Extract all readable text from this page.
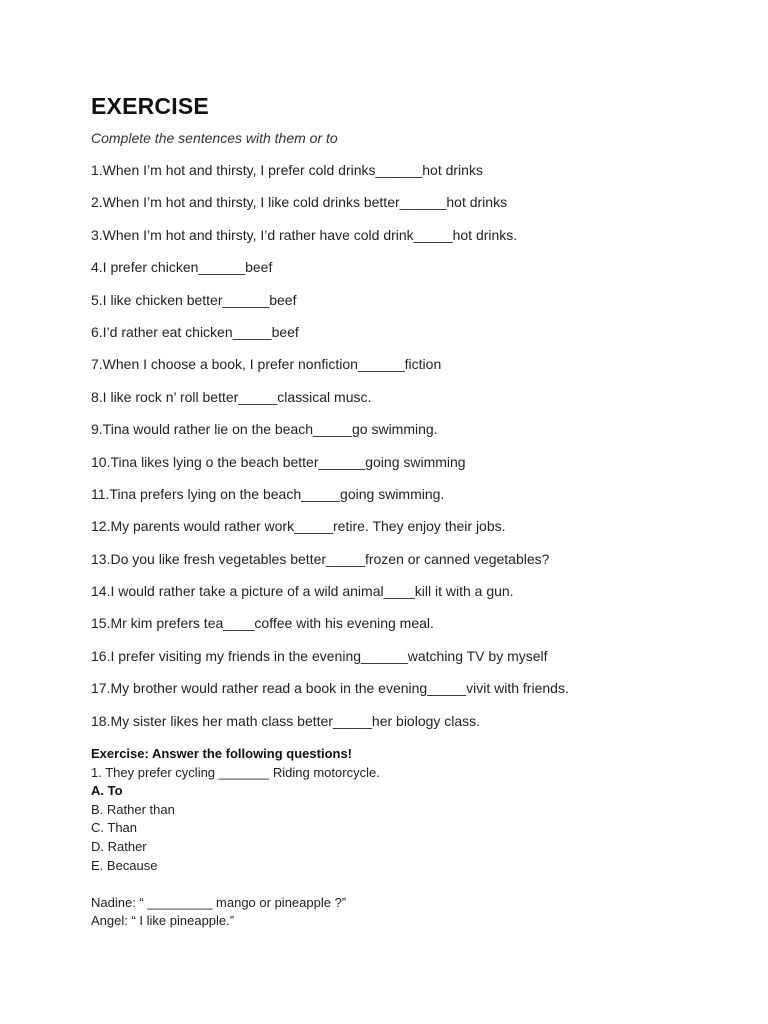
EXERCISE

Complete the sentences with them or to

1.When I’m hot and thirsty, I prefer cold drinks______hot drinks
2.When I’m hot and thirsty, I like cold drinks better______hot drinks
3.When I’m hot and thirsty, I’d rather have cold drink_____hot drinks.
4.I prefer chicken______beef
5.I like chicken better______beef
6.I’d rather eat chicken_____beef
7.When I choose a book, I prefer nonfiction______fiction
8.I like rock n’ roll better_____classical musc.
9.Tina would rather lie on the beach_____go swimming.
10.Tina likes lying o the beach better______going swimming
11.Tina prefers lying on the beach_____going swimming.
12.My parents would rather work_____retire. They enjoy their jobs.
13.Do you like fresh vegetables better_____frozen or canned vegetables?
14.I would rather take a picture of a wild animal____kill it with a gun.
15.Mr kim prefers tea____coffee with his evening meal.
16.I prefer visiting my friends in the evening______watching TV by myself
17.My brother would rather read a book in the evening_____vivit with friends.
18.My sister likes her math class better_____her biology class.
Exercise: Answer the following questions!
1. They prefer cycling _______ Riding motorcycle.
A. To
B. Rather than
C. Than
D. Rather
E. Because
Nadine: “ _________ mango or pineapple ?”
Angel: “ I like pineapple.”
